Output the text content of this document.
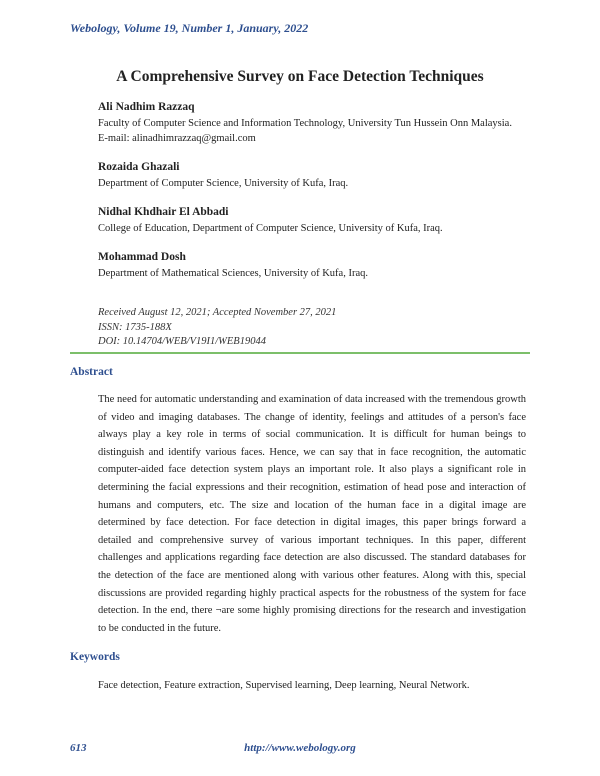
Webology, Volume 19, Number 1, January, 2022
A Comprehensive Survey on Face Detection Techniques
Ali Nadhim Razzaq
Faculty of Computer Science and Information Technology, University Tun Hussein Onn Malaysia.
E-mail: alinadhimrazzaq@gmail.com
Rozaida Ghazali
Department of Computer Science, University of Kufa, Iraq.
Nidhal Khdhair El Abbadi
College of Education, Department of Computer Science, University of Kufa, Iraq.
Mohammad Dosh
Department of Mathematical Sciences, University of Kufa, Iraq.
Received August 12, 2021; Accepted November 27, 2021
ISSN: 1735-188X
DOI: 10.14704/WEB/V19I1/WEB19044
Abstract

The need for automatic understanding and examination of data increased with the tremendous growth of video and imaging databases. The change of identity, feelings and attitudes of a person's face always play a key role in terms of social communication. It is difficult for human beings to distinguish and identify various faces. Hence, we can say that in face recognition, the automatic computer-aided face detection system plays an important role. It also plays a significant role in determining the facial expressions and their recognition, estimation of head pose and interaction of humans and computers, etc. The size and location of the human face in a digital image are determined by face detection. For face detection in digital images, this paper brings forward a detailed and comprehensive survey of various important techniques. In this paper, different challenges and applications regarding face detection are also discussed. The standard databases for the detection of the face are mentioned along with various other features. Along with this, special discussions are provided regarding highly practical aspects for the robustness of the system for face detection. In the end, there ¬are some highly promising directions for the research and investigation to be conducted in the future.

Keywords
Face detection, Feature extraction, Supervised learning, Deep learning, Neural Network.
613	http://www.webology.org
